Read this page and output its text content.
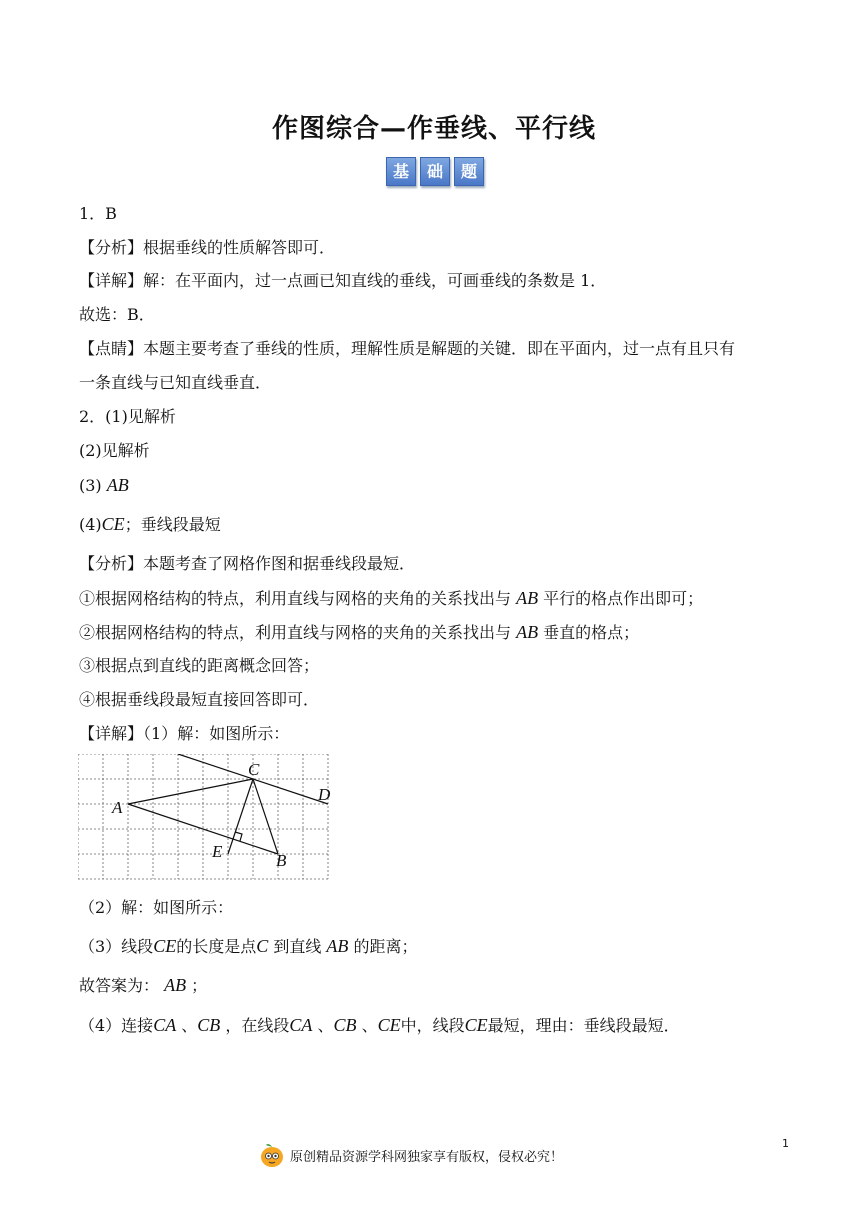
作图综合—作垂线、平行线
基	础	题
1．B
【分析】根据垂线的性质解答即可．
【详解】解：在平面内，过一点画已知直线的垂线，可画垂线的条数是 1．
故选：B．
【点睛】本题主要考查了垂线的性质，理解性质是解题的关键．即在平面内，过一点有且只有
一条直线与已知直线垂直．
2．(1)见解析
(2)见解析
(3) AB
(4)CE；垂线段最短
【分析】本题考查了网格作图和据垂线段最短．
①根据网格结构的特点，利用直线与网格的夹角的关系找出与 AB 平行的格点作出即可；
②根据网格结构的特点，利用直线与网格的夹角的关系找出与 AB 垂直的格点；
③根据点到直线的距离概念回答；
④根据垂线段最短直接回答即可．
【详解】（1）解：如图所示：
A
B
C
D
E
（2）解：如图所示：
（3）线段CE的长度是点C 到直线 AB 的距离；
故答案为： AB ；
（4）连接CA 、CB ，在线段CA 、CB 、CE中，线段CE最短，理由：垂线段最短．
原创精品资源学科网独家享有版权，侵权必究！
1
